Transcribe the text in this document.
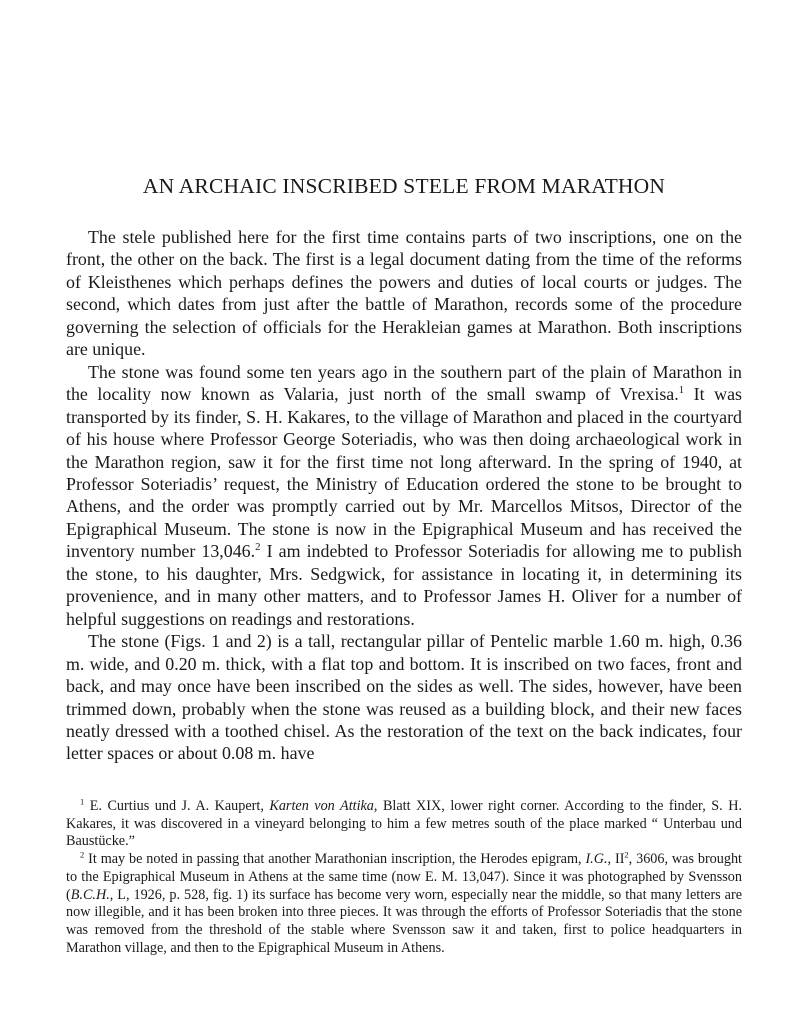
AN ARCHAIC INSCRIBED STELE FROM MARATHON

The stele published here for the first time contains parts of two inscriptions, one on the front, the other on the back. The first is a legal document dating from the time of the reforms of Kleisthenes which perhaps defines the powers and duties of local courts or judges. The second, which dates from just after the battle of Marathon, records some of the procedure governing the selection of officials for the Herakleian games at Marathon. Both inscriptions are unique.

The stone was found some ten years ago in the southern part of the plain of Marathon in the locality now known as Valaria, just north of the small swamp of Vrexisa.$^1$ It was transported by its finder, S. H. Kakares, to the village of Marathon and placed in the courtyard of his house where Professor George Soteriadis, who was then doing archaeological work in the Marathon region, saw it for the first time not long afterward. In the spring of 1940, at Professor Soteriadis’ request, the Ministry of Education ordered the stone to be brought to Athens, and the order was promptly carried out by Mr. Marcellos Mitsos, Director of the Epigraphical Museum. The stone is now in the Epigraphical Museum and has received the inventory number 13,046.$^2$ I am indebted to Professor Soteriadis for allowing me to publish the stone, to his daughter, Mrs. Sedgwick, for assistance in locating it, in determining its provenience, and in many other matters, and to Professor James H. Oliver for a number of helpful suggestions on readings and restorations.

The stone (Figs. 1 and 2) is a tall, rectangular pillar of Pentelic marble 1.60 m. high, 0.36 m. wide, and 0.20 m. thick, with a flat top and bottom. It is inscribed on two faces, front and back, and may once have been inscribed on the sides as well. The sides, however, have been trimmed down, probably when the stone was reused as a building block, and their new faces neatly dressed with a toothed chisel. As the restoration of the text on the back indicates, four letter spaces or about 0.08 m. have

$^1$ E. Curtius und J. A. Kaupert, Karten von Attika, Blatt XIX, lower right corner. According to the finder, S. H. Kakares, it was discovered in a vineyard belonging to him a few metres south of the place marked “ Unterbau und Baustücke.”

$^2$ It may be noted in passing that another Marathonian inscription, the Herodes epigram, I.G., $II^2$, 3606, was brought to the Epigraphical Museum in Athens at the same time (now E. M. 13,047). Since it was photographed by Svensson (B.C.H., L, 1926, p. 528, fig. 1) its surface has become very worn, especially near the middle, so that many letters are now illegible, and it has been broken into three pieces. It was through the efforts of Professor Soteriadis that the stone was removed from the threshold of the stable where Svensson saw it and taken, first to police headquarters in Marathon village, and then to the Epigraphical Museum in Athens.
